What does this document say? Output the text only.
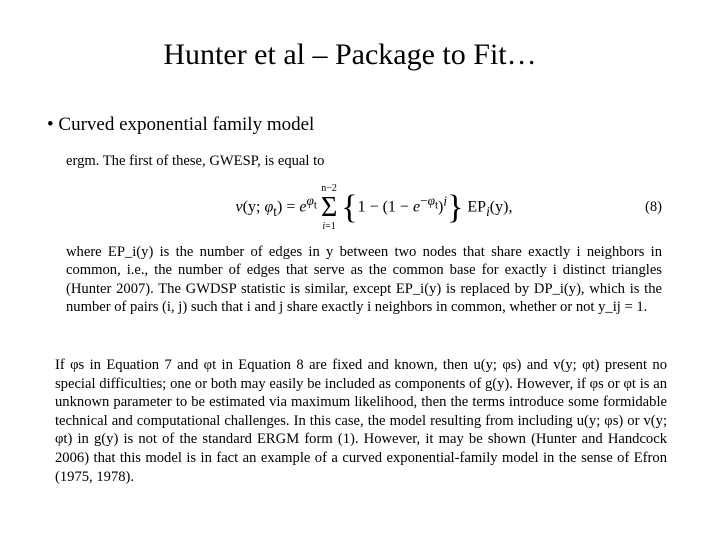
Hunter et al – Package to Fit…
• Curved exponential family model

ergm. The first of these, GWESP, is equal to

v(y; $\varphi_t) = e^{\varphi_t}$
n−2
Σ
i=1
$\{1 - (1 - e^{-\varphi_t})^i\}$ $EP_i(y)$,	(8)

where EP_i(y) is the number of edges in y between two nodes that share exactly i neighbors in common, i.e., the number of edges that serve as the common base for exactly i distinct triangles (Hunter 2007). The GWDSP statistic is similar, except EP_i(y) is replaced by DP_i(y), which is the number of pairs (i, j) such that i and j share exactly i neighbors in common, whether or not y_ij = 1.

If φs in Equation 7 and φt in Equation 8 are fixed and known, then u(y; φs) and v(y; φt) present no special difficulties; one or both may easily be included as components of g(y). However, if φs or φt is an unknown parameter to be estimated via maximum likelihood, then the terms introduce some formidable technical and computational challenges. In this case, the model resulting from including u(y; φs) or v(y; φt) in g(y) is not of the standard ERGM form (1). However, it may be shown (Hunter and Handcock 2006) that this model is in fact an example of a curved exponential-family model in the sense of Efron (1975, 1978).
